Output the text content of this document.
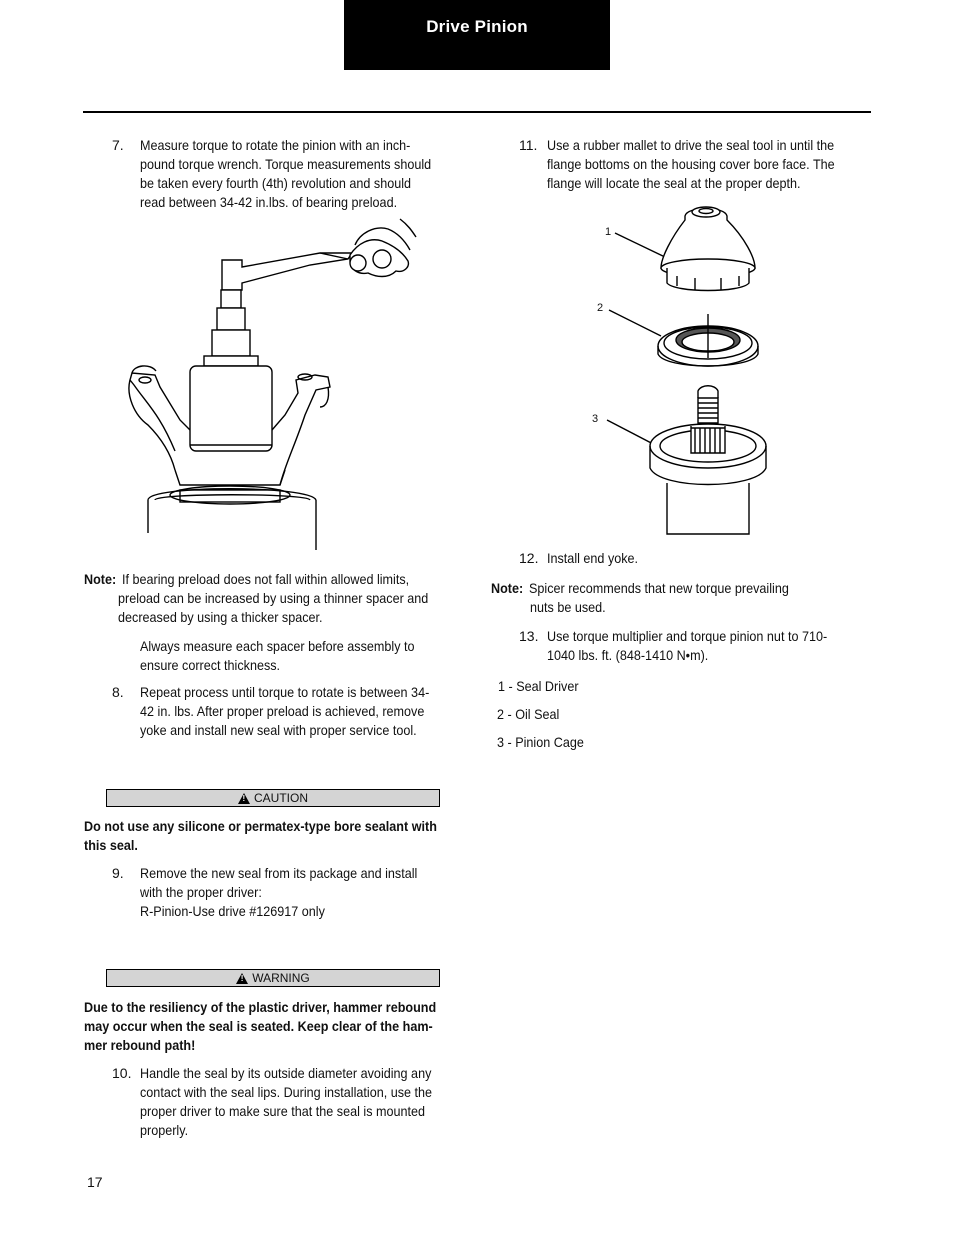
Drive Pinion
7. Measure torque to rotate the pinion with an inch-
pound torque wrench. Torque measurements should
be taken every fourth (4th) revolution and should
read between 34-42 in.lbs. of bearing preload.
Note: If bearing preload does not fall within allowed limits,
preload can be increased by using a thinner spacer and
decreased by using a thicker spacer.
Always measure each spacer before assembly to
ensure correct thickness.
8. Repeat process until torque to rotate is between 34-
42 in. lbs. After proper preload is achieved, remove
yoke and install new seal with proper service tool.
!
CAUTION
Do not use any silicone or permatex-type bore sealant with
this seal.
9. Remove the new seal from its package and install
with the proper driver:
R-Pinion-Use drive #126917 only
!
WARNING
Due to the resiliency of the plastic driver, hammer rebound
may occur when the seal is seated. Keep clear of the ham-
mer rebound path!
10. Handle the seal by its outside diameter avoiding any
contact with the seal lips. During installation, use the
proper driver to make sure that the seal is mounted
properly.
17
11. Use a rubber mallet to drive the seal tool in until the
flange bottoms on the housing cover bore face. The
flange will locate the seal at the proper depth.
1
2
3
12. Install end yoke.
Note: Spicer recommends that new torque prevailing
nuts be used.
13. Use torque multiplier and torque pinion nut to 710-
1040 lbs. ft. (848-1410 N•m).
1 - Seal Driver
2 - Oil Seal
3 - Pinion Cage
